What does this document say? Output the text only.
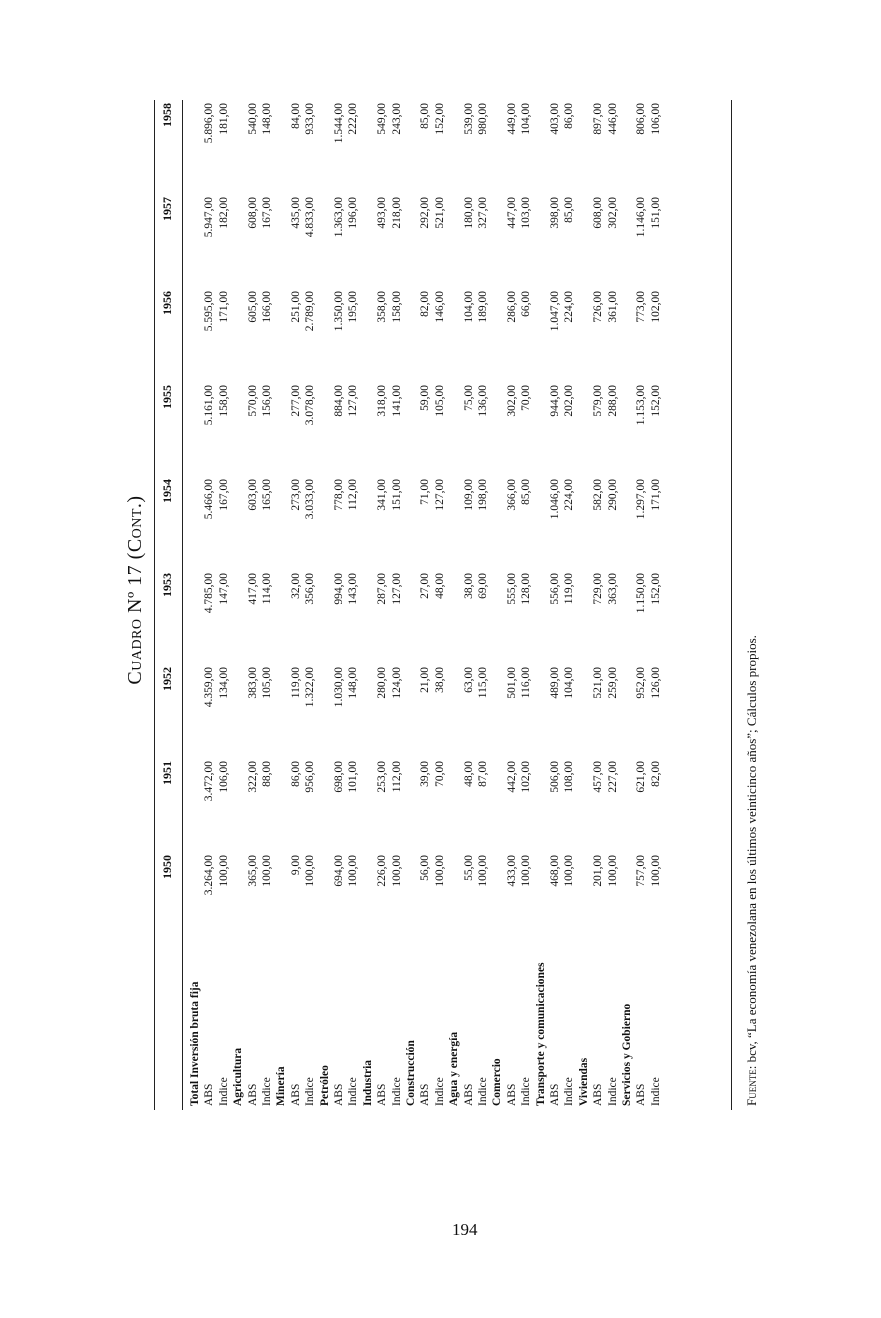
Cuadro Nº 17 (Cont.)
1950
1951
1952
1953
1954
1955
1956
1957
1958
Total Inversión bruta fija ABS
3.264,00
3.472,00
4.359,00
4.785,00
5.466,00
5.161,00
5.595,00
5.947,00
5.896,00
Indice
100,00
106,00
134,00
147,00
167,00
158,00
171,00
182,00
181,00
Agricultura ABS
365,00
322,00
383,00
417,00
603,00
570,00
605,00
608,00
540,00
Indice
100,00
88,00
105,00
114,00
165,00
156,00
166,00
167,00
148,00
Minería ABS
9,00
86,00
119,00
32,00
273,00
277,00
251,00
435,00
84,00
Indice
100,00
956,00
1.322,00
356,00
3.033,00
3.078,00
2.789,00
4.833,00
933,00
Petróleo ABS
694,00
698,00
1.030,00
994,00
778,00
884,00
1.350,00
1.363,00
1.544,00
Indice
100,00
101,00
148,00
143,00
112,00
127,00
195,00
196,00
222,00
Industria ABS
226,00
253,00
280,00
287,00
341,00
318,00
358,00
493,00
549,00
Indice
100,00
112,00
124,00
127,00
151,00
141,00
158,00
218,00
243,00
Construcción ABS
56,00
39,00
21,00
27,00
71,00
59,00
82,00
292,00
85,00
Indice
100,00
70,00
38,00
48,00
127,00
105,00
146,00
521,00
152,00
Agua y energía ABS
55,00
48,00
63,00
38,00
109,00
75,00
104,00
180,00
539,00
Indice
100,00
87,00
115,00
69,00
198,00
136,00
189,00
327,00
980,00
Comercio ABS
433,00
442,00
501,00
555,00
366,00
302,00
286,00
447,00
449,00
Indice
100,00
102,00
116,00
128,00
85,00
70,00
66,00
103,00
104,00
Transporte y comunicaciones ABS
468,00
506,00
489,00
556,00
1.046,00
944,00
1.047,00
398,00
403,00
Indice
100,00
108,00
104,00
119,00
224,00
202,00
224,00
85,00
86,00
Viviendas ABS
201,00
457,00
521,00
729,00
582,00
579,00
726,00
608,00
897,00
Indice
100,00
227,00
259,00
363,00
290,00
288,00
361,00
302,00
446,00
Servicios y Gobierno ABS
757,00
621,00
952,00
1.150,00
1.297,00
1.153,00
773,00
1.146,00
806,00
Indice
100,00
82,00
126,00
152,00
171,00
152,00
102,00
151,00
106,00
Fuente: bcv, “La economía venezolana en los últimos veinticinco años”; Cálculos propios.
194
